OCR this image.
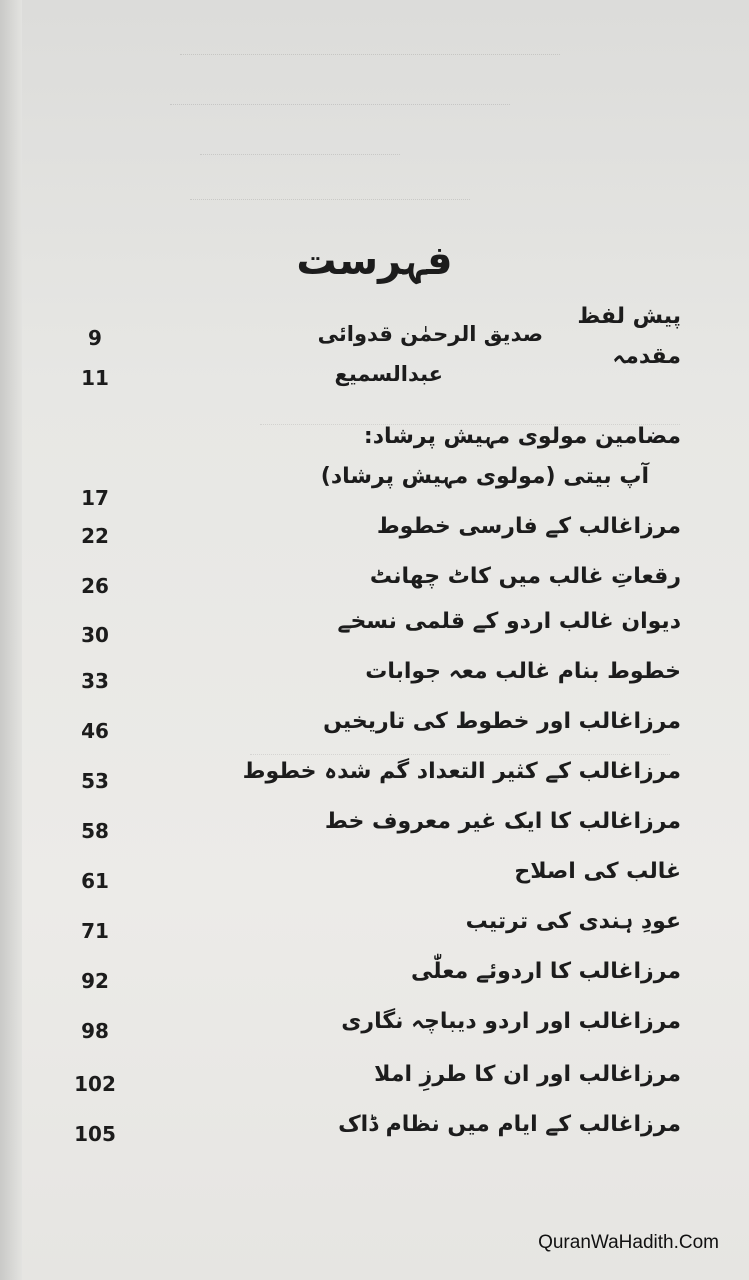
فہرست
پیش لفظ
9	صدیق الرحمٰن قدوائی
مقدمہ
11	عبدالسمیع
مضامین مولوی مہیش پرشاد:
آپ بیتی (مولوی مہیش پرشاد)
17
مرزاغالب کے فارسی خطوط
22
رقعاتِ غالب میں کاٹ چھانٹ
26
دیوان غالب اردو کے قلمی نسخے
30
خطوط بنام غالب معہ جوابات
33
مرزاغالب اور خطوط کی تاریخیں
46
مرزاغالب کے کثیر التعداد گم شدہ خطوط
53
مرزاغالب کا ایک غیر معروف خط
58
غالب کی اصلاح
61
عودِ ہندی کی ترتیب
71
مرزاغالب کا اردوئے معلّٰی
92
مرزاغالب اور اردو دیباچہ نگاری
98
مرزاغالب اور ان کا طرزِ املا
102
مرزاغالب کے ایام میں نظام ڈاک
105
QuranWaHadith.Com
